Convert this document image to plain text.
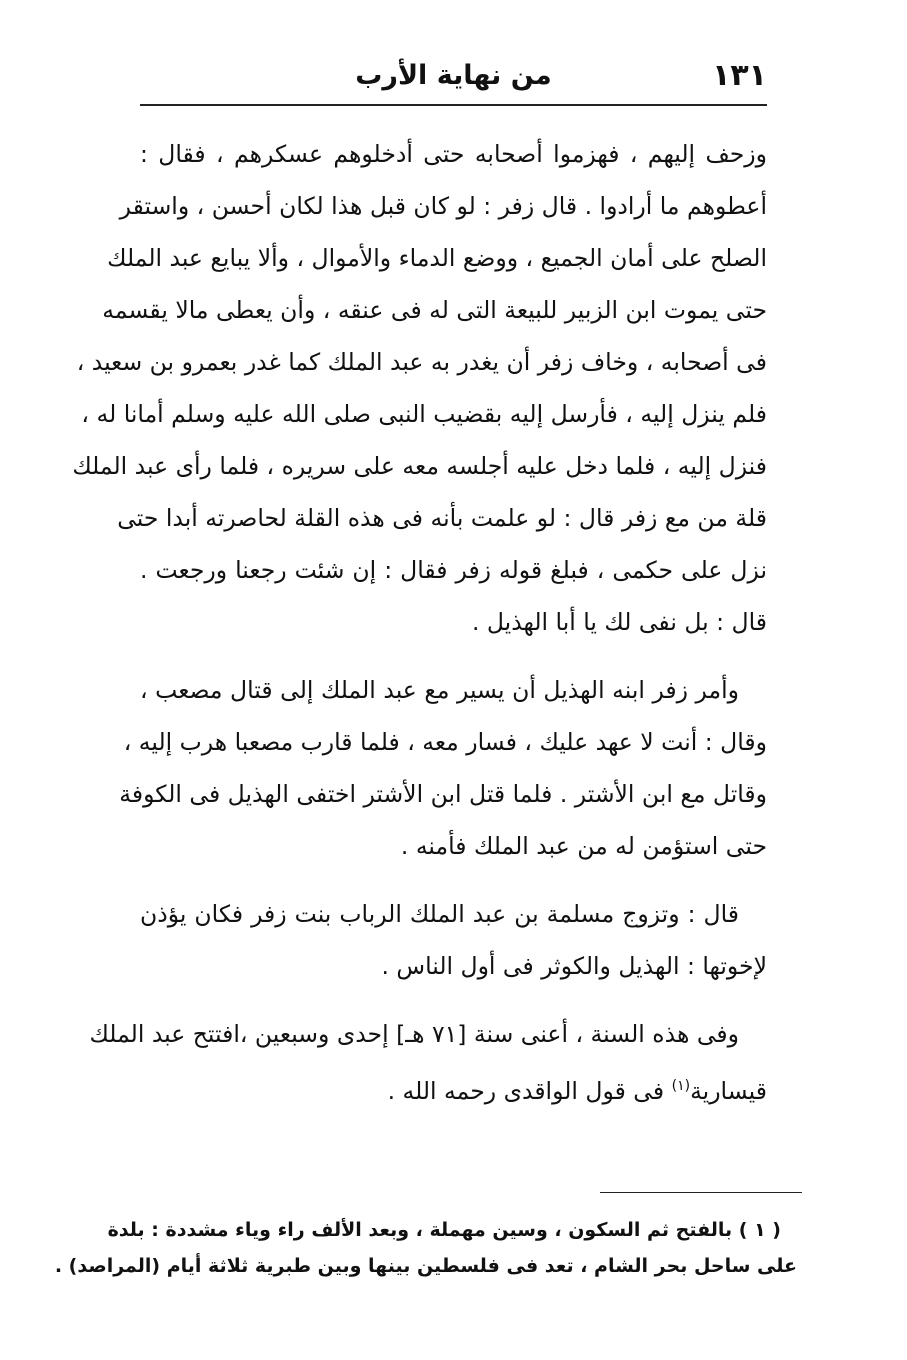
١٣١
من نهاية الأرب
وزحف إليهم ، فهزموا أصحابه حتى أدخلوهم عسكرهم ، فقال :
أعطوهم ما أرادوا . قال زفر : لو كان قبل هذا لكان أحسن ، واستقر
الصلح على أمان الجميع ، ووضع الدماء والأموال ، وألا يبايع عبد الملك
حتى يموت ابن الزبير للبيعة التى له فى عنقه ، وأن يعطى مالا يقسمه
فى أصحابه ، وخاف زفر أن يغدر به عبد الملك كما غدر بعمرو بن سعيد ،
فلم ينزل إليه ، فأرسل إليه بقضيب النبى صلى الله عليه وسلم أمانا له ،
فنزل إليه ، فلما دخل عليه أجلسه معه على سريره ، فلما رأى عبد الملك
قلة من مع زفر قال : لو علمت بأنه فى هذه القلة لحاصرته أبدا حتى
نزل على حكمى ، فبلغ قوله زفر فقال : إن شئت رجعنا ورجعت .
قال : بل نفى لك يا أبا الهذيل .
وأمر زفر ابنه الهذيل أن يسير مع عبد الملك إلى قتال مصعب ،
وقال : أنت لا عهد عليك ، فسار معه ، فلما قارب مصعبا هرب إليه ،
وقاتل مع ابن الأشتر . فلما قتل ابن الأشتر اختفى الهذيل فى الكوفة
حتى استؤمن له من عبد الملك فأمنه .
قال : وتزوج مسلمة بن عبد الملك الرباب بنت زفر فكان يؤذن
لإخوتها : الهذيل والكوثر فى أول الناس .
وفى هذه السنة ، أعنى سنة [٧١ هـ] إحدى وسبعين ،افتتح عبد الملك
قيسارية$^{(١)}$ فى قول الواقدى رحمه الله .
( ١ ) بالفتح ثم السكون ، وسين مهملة ، وبعد الألف راء وياء مشددة : بلدة
على ساحل بحر الشام ، تعد فى فلسطين بينها وبين طبرية ثلاثة أيام (المراصد) .
